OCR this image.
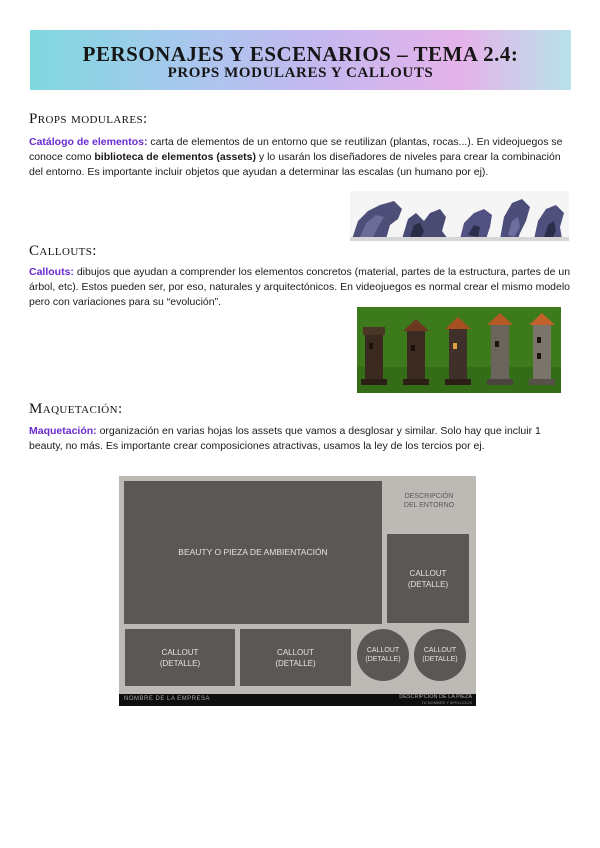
PERSONAJES Y ESCENARIOS – TEMA 2.4:
PROPS MODULARES Y CALLOUTS
Props modulares:
Catálogo de elementos: carta de elementos de un entorno que se reutilizan (plantas, rocas...). En videojuegos se conoce como biblioteca de elementos (assets) y lo usarán los diseñadores de niveles para crear la combinación del entorno. Es importante incluir objetos que ayudan a determinar las escalas (un humano por ej).
Callouts:
Callouts: dibujos que ayudan a comprender los elementos concretos (material, partes de la estructura, partes de un árbol, etc). Estos pueden ser, por eso, naturales y arquitectónicos. En videojuegos es normal crear el mismo modelo pero con variaciones para su “evolución”.
Maquetación:
Maquetación: organización en varias hojas los assets que vamos a desglosar y similar. Solo hay que incluir 1 beauty, no más. Es importante crear composiciones atractivas, usamos la ley de los tercios por ej.
BEAUTY O PIEZA DE AMBIENTACIÓN
DESCRIPCIÓN
DEL ENTORNO
CALLOUT
(DETALLE)
CALLOUT
(DETALLE)
CALLOUT
(DETALLE)
CALLOUT
(DETALLE)
CALLOUT
(DETALLE)
NOMBRE DE LA EMPRESA	DESCRIPCIÓN DE LA PIEZA
TU NOMBRE Y APELLIDOS
